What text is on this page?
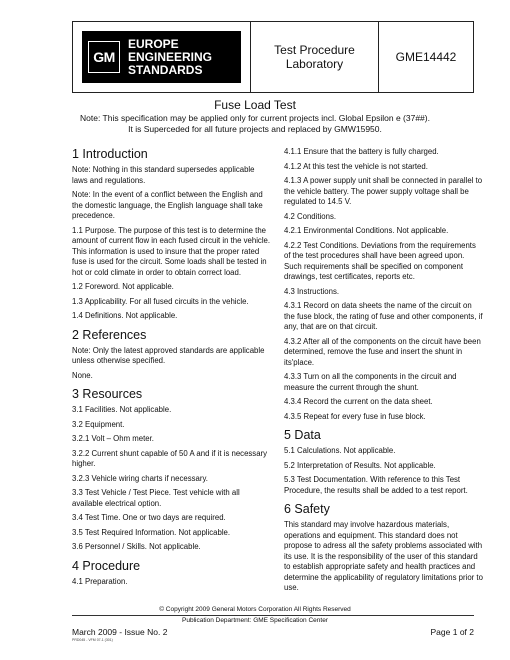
GM
EUROPE
ENGINEERING
STANDARDS
Test Procedure
Laboratory	GME14442
Fuse Load Test
Note: This specification may be applied only for current projects incl. Global Epsilon e (37##).
It is Superceded for all future projects and replaced by GMW15950.
1 Introduction

Note: Nothing in this standard supersedes applicable laws and regulations.

Note: In the event of a conflict between the English and the domestic language, the English language shall take precedence.

1.1 Purpose. The purpose of this test is to determine the amount of current flow in each fused circuit in the vehicle. This information is used to insure that the proper rated fuse is used for the circuit. Some loads shall be tested in hot or cold climate in order to obtain correct load.

1.2 Foreword. Not applicable.

1.3 Applicability. For all fused circuits in the vehicle.

1.4 Definitions. Not applicable.

2 References

Note: Only the latest approved standards are applicable unless otherwise specified.

None.

3 Resources

3.1 Facilities. Not applicable.

3.2 Equipment.

3.2.1 Volt – Ohm meter.

3.2.2 Current shunt capable of 50 A and if it is necessary higher.

3.2.3 Vehicle wiring charts if necessary.

3.3 Test Vehicle / Test Piece. Test vehicle with all available electrical option.

3.4 Test Time. One or two days are required.

3.5 Test Required Information. Not applicable.

3.6 Personnel / Skills. Not applicable.

4 Procedure

4.1 Preparation.

4.1.1 Ensure that the battery is fully charged.

4.1.2 At this test the vehicle is not started.

4.1.3 A power supply unit shall be connected in parallel to the vehicle battery. The power supply voltage shall be regulated to 14.5 V.

4.2 Conditions.

4.2.1 Environmental Conditions. Not applicable.

4.2.2 Test Conditions. Deviations from the requirements of the test procedures shall have been agreed upon. Such requirements shall be specified on component drawings, test certificates, reports etc.

4.3 Instructions.

4.3.1 Record on data sheets the name of the circuit on the fuse block, the rating of fuse and other components, if any, that are on that circuit.

4.3.2 After all of the components on the circuit have been determined, remove the fuse and insert the shunt in its'place.

4.3.3 Turn on all the components in the circuit and measure the current through the shunt.

4.3.4 Record the current on the data sheet.

4.3.5 Repeat for every fuse in fuse block.

5 Data

5.1 Calculations. Not applicable.

5.2 Interpretation of Results. Not applicable.

5.3 Test Documentation. With reference to this Test Procedure, the results shall be added to a test report.

6 Safety

This standard may involve hazardous materials, operations and equipment. This standard does not propose to adress all the safety problems associated with its use. It is the responsibility of the user of this standard to establish appropriate safety and health practices and determine the applicability of regulatory limitations prior to use.

© Copyright 2009 General Motors Corporation All Rights Reserved
Publication Department: GME Specification Center
March 2009 - Issue No. 2	Page 1 of 2
PRD045 - VFM 07-1 (301)
